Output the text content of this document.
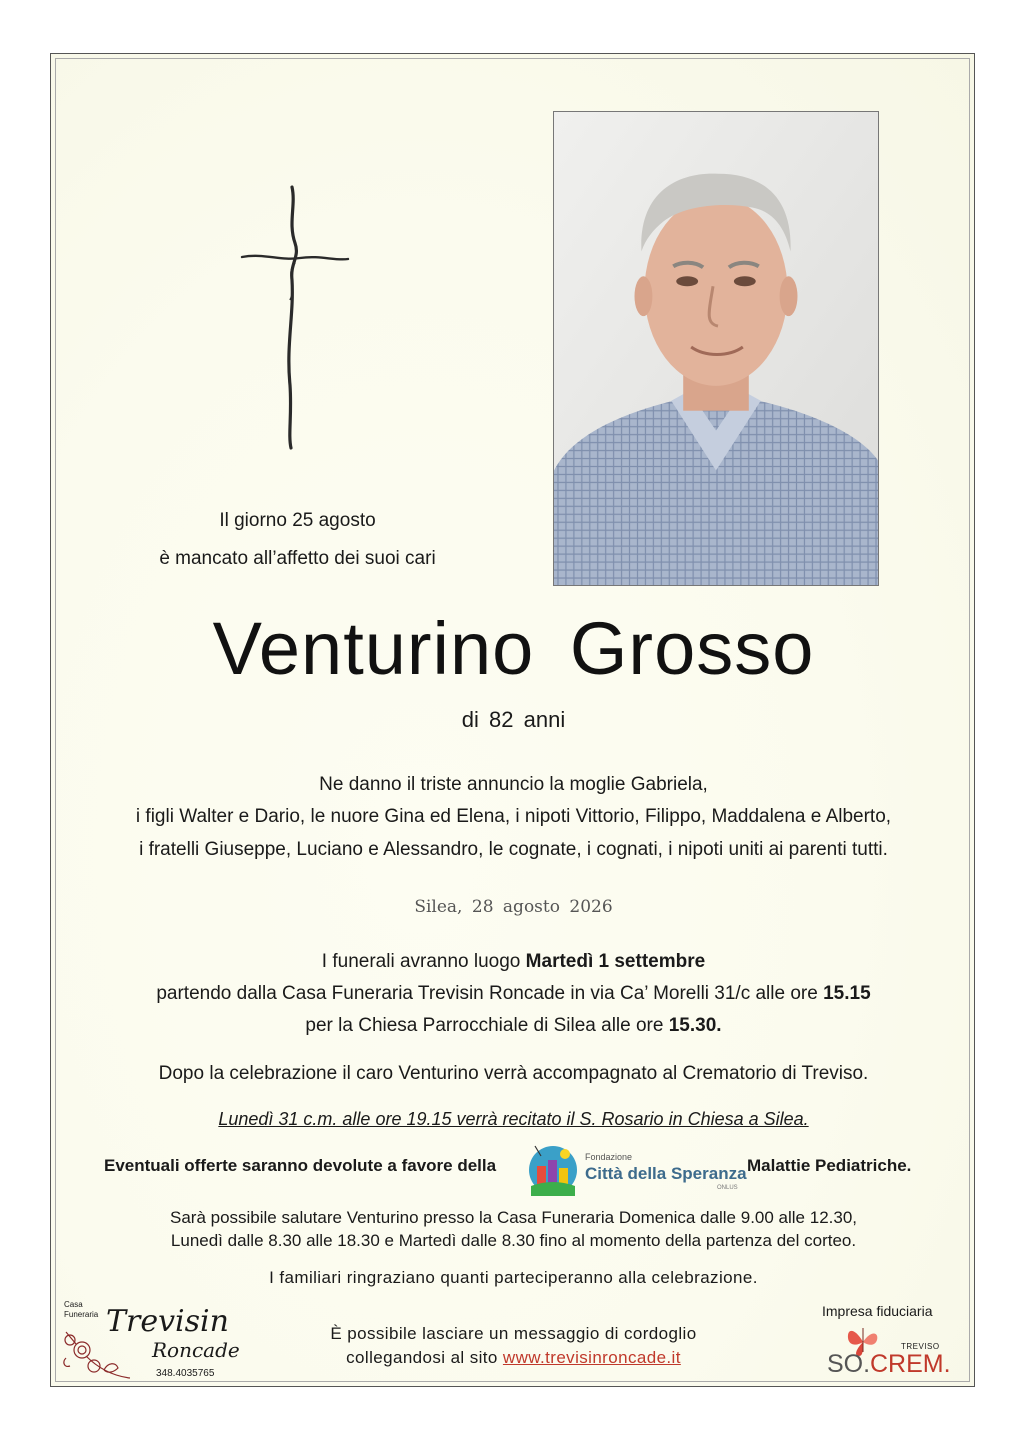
Il giorno 25 agosto
è mancato all’affetto dei suoi cari
Venturino Grosso
di 82 anni
Ne danno il triste annuncio la moglie Gabriela,
i figli Walter e Dario, le nuore Gina ed Elena, i nipoti Vittorio, Filippo, Maddalena e Alberto,
i fratelli Giuseppe, Luciano e Alessandro, le cognate, i cognati, i nipoti uniti ai parenti tutti.
Silea, 28 agosto 2026
I funerali avranno luogo Martedì 1 settembre
partendo dalla Casa Funeraria Trevisin Roncade in via Ca’ Morelli 31/c alle ore 15.15
per la Chiesa Parrocchiale di Silea alle ore 15.30.
Dopo la celebrazione il caro Venturino verrà accompagnato al Crematorio di Treviso.
Lunedì 31 c.m. alle ore 19.15 verrà recitato il S. Rosario in Chiesa a Silea.
Eventuali offerte saranno devolute a favore della	Fondazione
Città della Speranza
ONLUS
Malattie Pediatriche.
Sarà possibile salutare Venturino presso la Casa Funeraria Domenica dalle 9.00 alle 12.30,
Lunedì dalle 8.30 alle 18.30 e Martedì dalle 8.30 fino al momento della partenza del corteo.
I familiari ringraziano quanti parteciperanno alla celebrazione.
È possibile lasciare un messaggio di cordoglio
collegandosi al sito www.trevisinroncade.it
Casa
Funeraria Trevisin
Roncade
348.4035765
Impresa fiduciaria
TREVISO
SO. CREM.
